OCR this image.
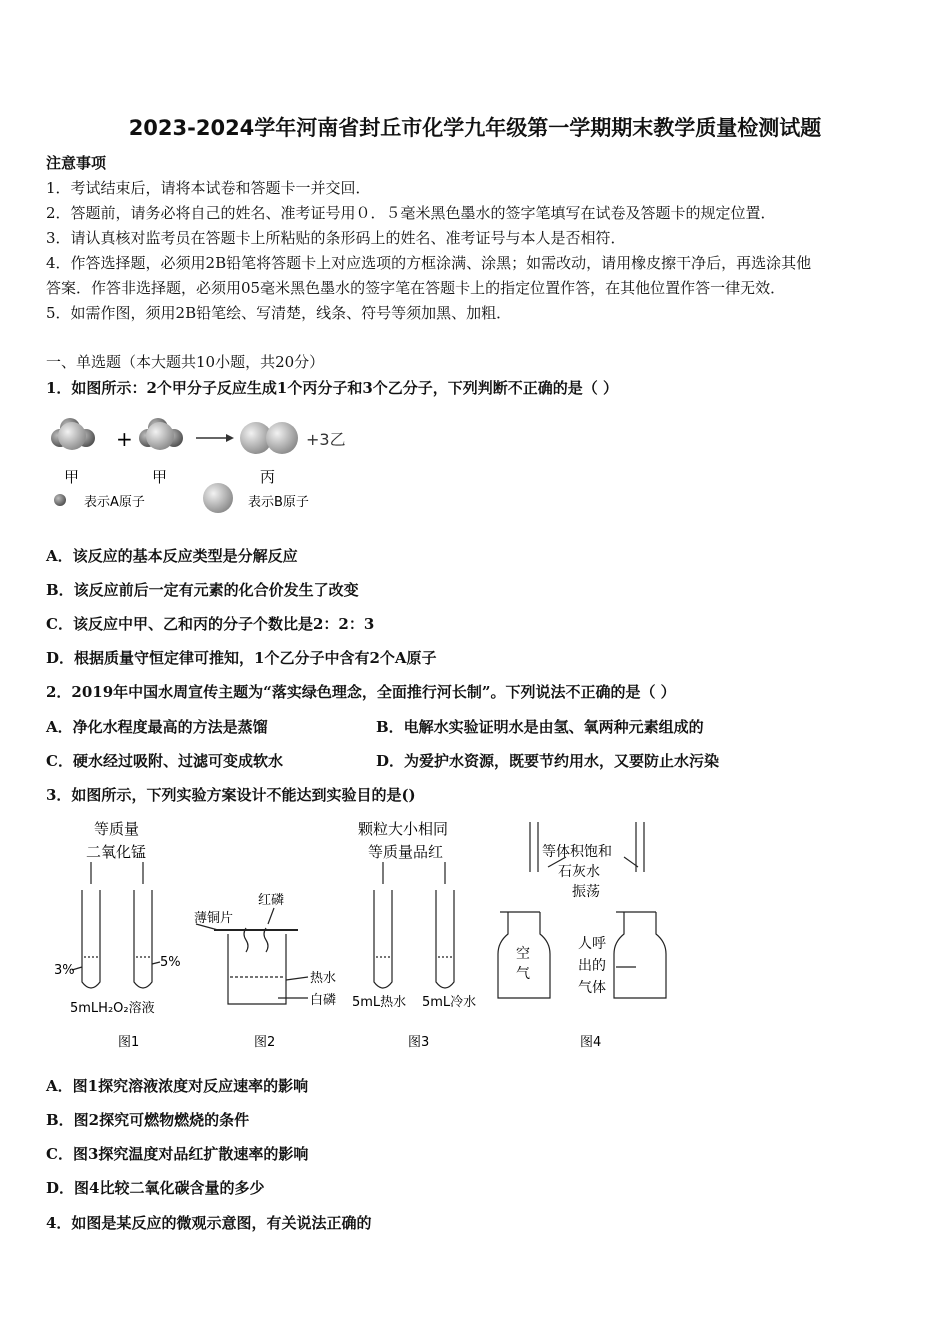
2023-2024学年河南省封丘市化学九年级第一学期期末教学质量检测试题
注意事项
1．考试结束后，请将本试卷和答题卡一并交回．
2．答题前，请务必将自己的姓名、准考证号用０．５毫米黑色墨水的签字笔填写在试卷及答题卡的规定位置．
3．请认真核对监考员在答题卡上所粘贴的条形码上的姓名、准考证号与本人是否相符．
4．作答选择题，必须用2B铅笔将答题卡上对应选项的方框涂满、涂黑；如需改动，请用橡皮擦干净后，再选涂其他
答案．作答非选择题，必须用05毫米黑色墨水的签字笔在答题卡上的指定位置作答，在其他位置作答一律无效．
5．如需作图，须用2B铅笔绘、写清楚，线条、符号等须加黑、加粗．
一、单选题（本大题共10小题，共20分）
1．如图所示：2个甲分子反应生成1个丙分子和3个乙分子，下列判断不正确的是（ ）
+	+3乙
甲	甲	丙
表示A原子	表示B原子
A．该反应的基本反应类型是分解反应
B．该反应前后一定有元素的化合价发生了改变
C．该反应中甲、乙和丙的分子个数比是2：2：3
D．根据质量守恒定律可推知，1个乙分子中含有2个A原子
2．2019年中国水周宣传主题为“落实绿色理念，全面推行河长制”。下列说法不正确的是（ ）
A．净化水程度最高的方法是蒸馏	B．电解水实验证明水是由氢、氧两种元素组成的
C．硬水经过吸附、过滤可变成软水	D．为爱护水资源，既要节约用水，又要防止水污染
3．如图所示，下列实验方案设计不能达到实验目的是()
等质量
二氧化锰
3%
5%
5mLH₂O₂溶液
薄铜片
红磷
热水
白磷
颗粒大小相同
等质量品红
5mL热水 5mL冷水
等体积饱和
石灰水
振荡
空
气
人呼
出的
气体
图1	图2	图3	图4
A．图1探究溶液浓度对反应速率的影响
B．图2探究可燃物燃烧的条件
C．图3探究温度对品红扩散速率的影响
D．图4比较二氧化碳含量的多少
4．如图是某反应的微观示意图，有关说法正确的
